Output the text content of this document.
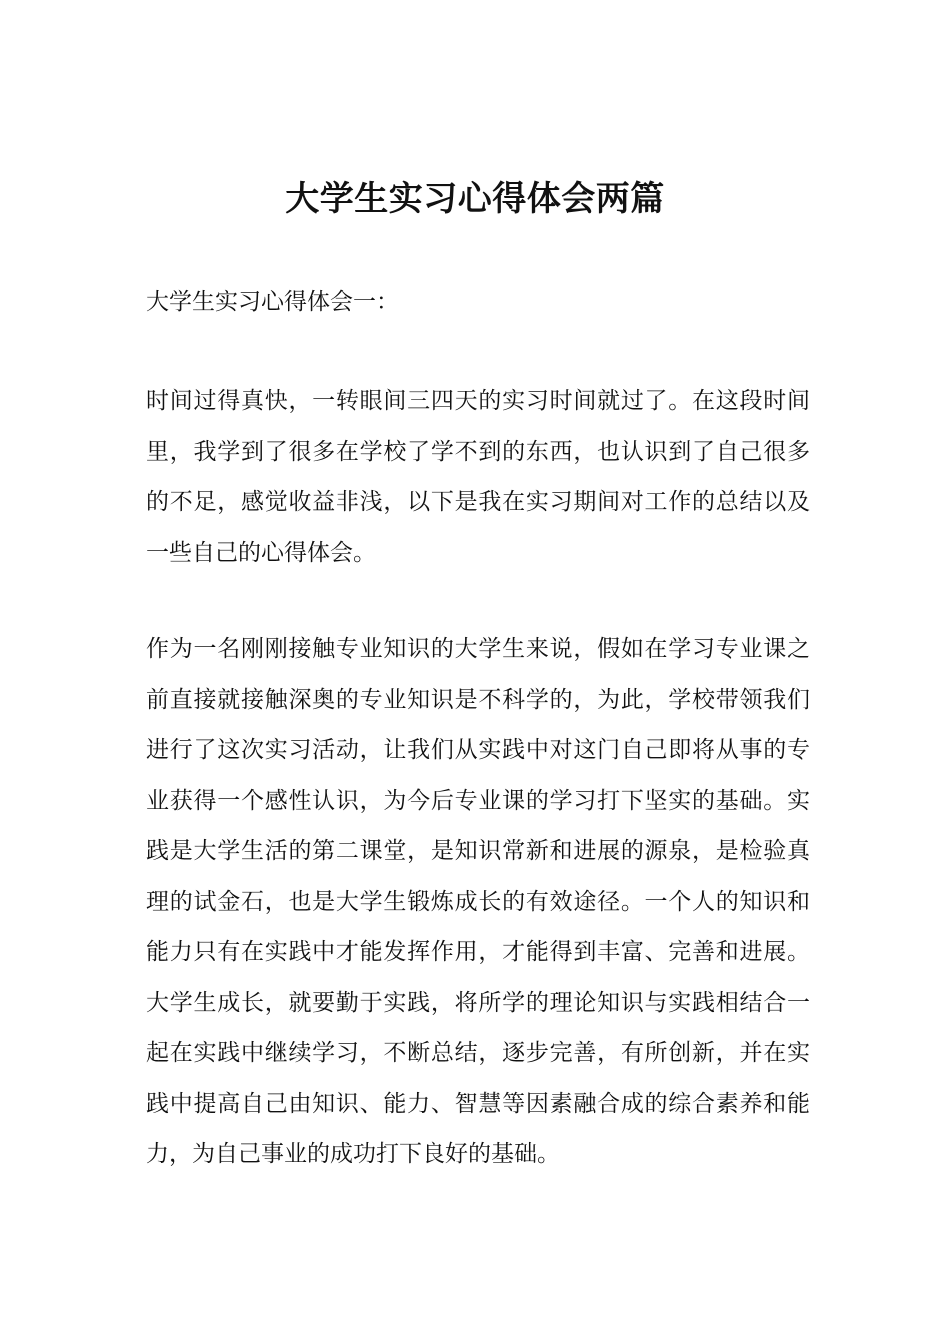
大学生实习心得体会两篇

大学生实习心得体会一：

时间过得真快，一转眼间三四天的实习时间就过了。在这段时间里，我学到了很多在学校了学不到的东西，也认识到了自己很多的不足，感觉收益非浅，以下是我在实习期间对工作的总结以及一些自己的心得体会。

作为一名刚刚接触专业知识的大学生来说，假如在学习专业课之前直接就接触深奥的专业知识是不科学的，为此，学校带领我们进行了这次实习活动，让我们从实践中对这门自己即将从事的专业获得一个感性认识，为今后专业课的学习打下坚实的基础。实践是大学生活的第二课堂，是知识常新和进展的源泉，是检验真理的试金石，也是大学生锻炼成长的有效途径。一个人的知识和能力只有在实践中才能发挥作用，才能得到丰富、完善和进展。大学生成长，就要勤于实践，将所学的理论知识与实践相结合一起在实践中继续学习，不断总结，逐步完善，有所创新，并在实践中提高自己由知识、能力、智慧等因素融合成的综合素养和能力，为自己事业的成功打下良好的基础。
